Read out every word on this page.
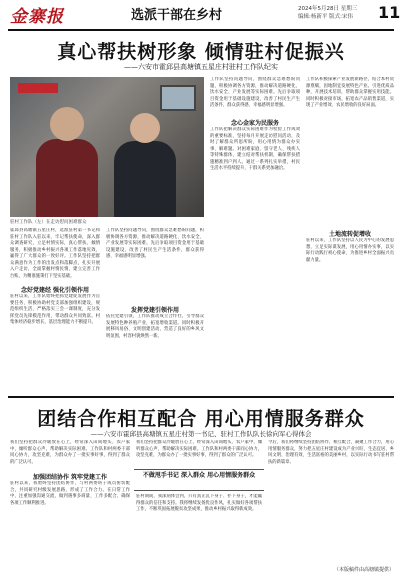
金寨报	选派干部在乡村	2024年5月28日 星期三
编辑:杨新平 版式:宋伟 11
真心帮扶树形象 倾情驻村促振兴
——六安市霍邱县高塘镇五星庄村驻村工作队纪实
驻村工作队（左）在走访慰问困难群众
霍邱县高塘镇五星庄村，选派驻村第一书记和驻村工作队入驻以来，牢记帮扶使命，深入群众调查研究，立足村情实际，真心帮扶、倾情服务，积极推动乡村振兴各项工作落地见效，赢得了广大群众的一致好评。工作队坚持把群众满意作为工作的出发点和落脚点，扎实开展入户走访，全面掌握村情民情，建立完善工作台账，为精准施策打下坚实基础。
念好党建经 强化引领作用
驻村以来，工作队始终把抓党建促发展作为首要任务，积极协助村党支部加强组织建设，规范组织生活，严格落实三会一课制度，充分发挥党员先锋模范作用，带动群众共同致富。村集体经济稳步增长，基层治理能力不断提升。
工作队坚持问题导向，围绕群众急难愁盼问题，积极协调各方资源，推动解决道路硬化、饮水安全、产业发展等实际困难。先后争取项目资金用于基础设施建设，改善了村民生产生活条件，群众获得感、幸福感明显增强。
发挥党建引领作用
依托党建引领，工作队推动成立合作社，引导群众发展特色种养殖产业，拓宽增收渠道。同时积极开展移风易俗、文明创建活动，营造了良好的乡风文明氛围，村容村貌焕然一新。
工作队坚持问题导向，围绕群众急难愁盼问题，积极协调各方资源，推动解决道路硬化、饮水安全、产业发展等实际困难。先后争取项目资金用于基础设施建设，改善了村民生产生活条件，群众获得感、幸福感明显增强。
念心金家为民服务
工作队把解决群众实际困难作为检验工作成效的重要标准，坚持每月开展走访慰问活动，及时了解群众所思所盼，用心用情为群众办实事、解难题。对困难家庭、留守老人、残疾人等特殊群体，建立结对帮扶机制，确保帮扶措施精准到户到人。通过一系列扎实举措，村民生活水平持续提升，干群关系更加融洽。
工作队积极探索产业发展新路径，结合本村资源禀赋，因地制宜发展特色产业。引进优质品种，开展技术培训，帮助群众掌握实用技能。同时积极对接市场，拓宽农产品销售渠道，实现了产业增效、农民增收的良好局面。
土地流转促增收
驻村以来，工作队坚持以人民为中心的发展思想，立足实际谋发展，用心用情办实事，以实际行动践行初心使命，为推进乡村全面振兴贡献力量。
团结合作相互配合 用心用情服务群众
——六安市霍邱县高塘镇五星庄村第一书记、驻村工作队队长徐向军心得体会
我们坚持把群众冷暖放在心上，经常深入田间地头、农户家中，倾听群众心声，帮助解决实际困难。工作队和村两委干部同心协力，攻坚克难，为群众办了一批实事好事，得到了群众的广泛认可。
加强团结协作 筑牢党建工作
驻村以来，我始终坚持团结协作，与村两委班子成员密切配合，共同研究村级发展思路，形成了工作合力。在日常工作中，注重加强沟通交流，做到遇事多商量、工作多配合，确保各项工作顺利推进。
我们坚持把群众冷暖放在心上，经常深入田间地头、农户家中，倾听群众心声，帮助解决实际困难。工作队和村两委干部同心协力，攻坚克难，为群众办了一批实事好事，得到了群众的广泛认可。
不做甩手书记 深入群众 用心用情服务群众
驻村期间，我深刻体会到，只有真正沉下身子、扑下身子，才能赢得群众的信任和支持。我将继续发扬优良作风，扎实做好各项帮扶工作，不断巩固拓展脱贫攻坚成果，推动乡村振兴取得新成效。
今后，我们将继续坚持团结协作，相互配合，凝聚工作合力，用心用情服务群众，努力把五星庄村建设成为产业兴旺、生态宜居、乡风文明、治理有效、生活富裕的美丽乡村，以实际行动书写驻村帮扶的新篇章。
（本版稿件由高塘镇提供）
